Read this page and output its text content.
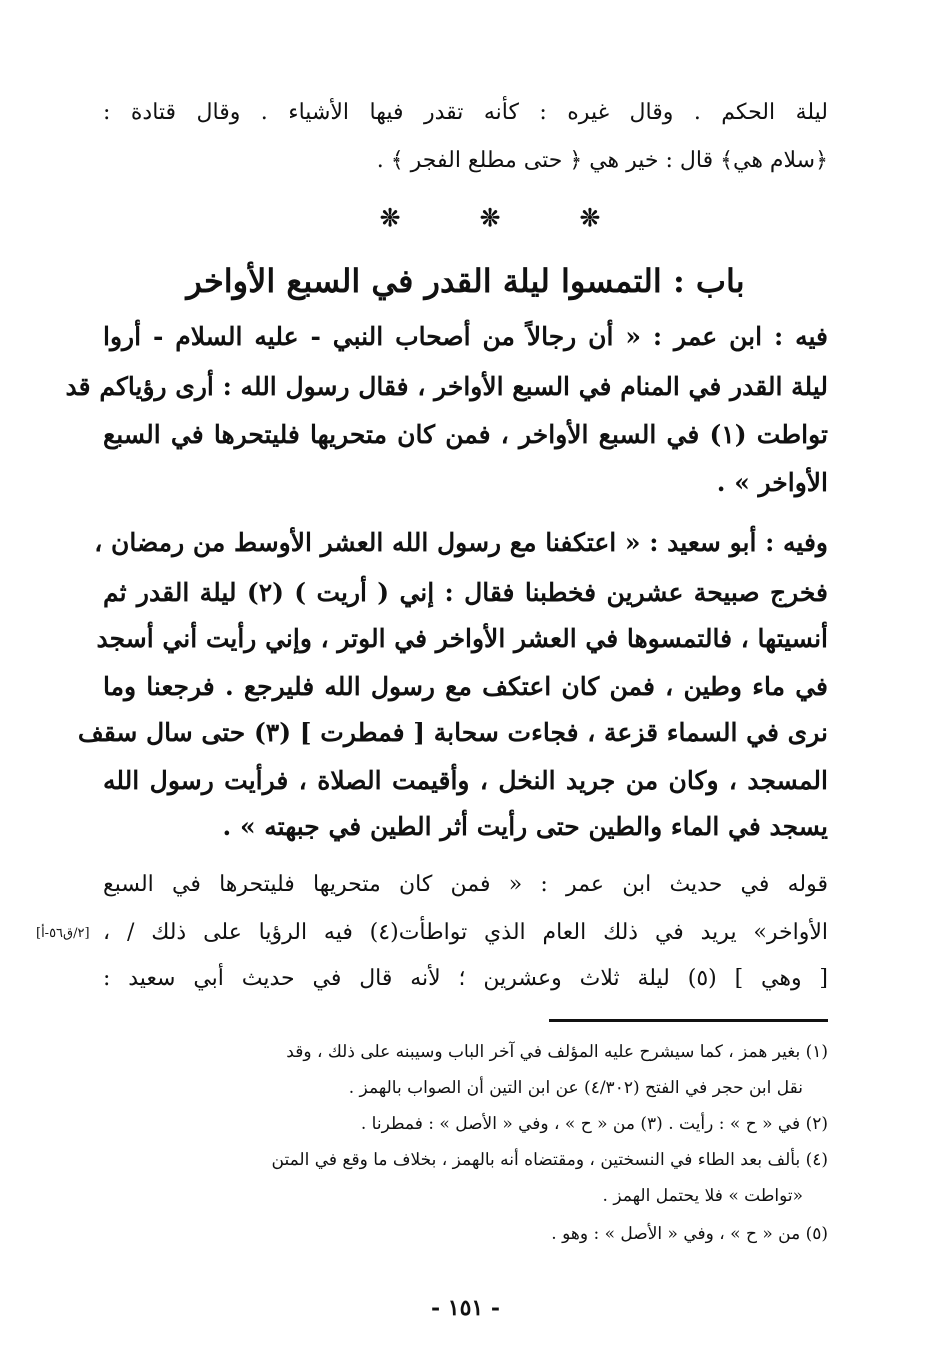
ليلة الحكم . وقال غيره : كأنه تقدر فيها الأشياء . وقال قتادة :
﴿سلام هي﴾ قال : خير هي ﴿ حتى مطلع الفجر ﴾ .
❊	❊	❊
باب : التمسوا ليلة القدر في السبع الأواخر
فيه : ابن عمر : « أن رجالاً من أصحاب النبي - عليه السلام - أروا
ليلة القدر في المنام في السبع الأواخر ، فقال رسول الله : أرى رؤياكم قد
تواطت (١) في السبع الأواخر ، فمن كان متحريها فليتحرها في السبع
الأواخر » .
وفيه : أبو سعيد : « اعتكفنا مع رسول الله العشر الأوسط من رمضان ،
فخرج صبيحة عشرين فخطبنا فقال : إني ( أريت ) (٢) ليلة القدر ثم
أنسيتها ، فالتمسوها في العشر الأواخر في الوتر ، وإني رأيت أني أسجد
في ماء وطين ، فمن كان اعتكف مع رسول الله فليرجع . فرجعنا وما
نرى في السماء قزعة ، فجاءت سحابة [ فمطرت ] (٣) حتى سال سقف
المسجد ، وكان من جريد النخل ، وأقيمت الصلاة ، فرأيت رسول الله
يسجد في الماء والطين حتى رأيت أثر الطين في جبهته » .
قوله في حديث ابن عمر : « فمن كان متحريها فليتحرها في السبع
الأواخر» يريد في ذلك العام الذي تواطأت(٤) فيه الرؤيا على ذلك / ،
[ وهي ] (٥) ليلة ثلاث وعشرين ؛ لأنه قال في حديث أبي سعيد :
[٢/ق٥٦-أ]
(١) بغير همز ، كما سيشرح عليه المؤلف في آخر الباب وسيبنه على ذلك ، وقد
نقل ابن حجر في الفتح (٤/٣٠٢) عن ابن التين أن الصواب بالهمز .
(٢) في « ح » : رأيت . (٣) من « ح » ، وفي « الأصل » : فمطرنا .
(٤) بألف بعد الطاء في النسختين ، ومقتضاه أنه بالهمز ، بخلاف ما وقع في المتن
«تواطت » فلا يحتمل الهمز .
(٥) من « ح » ، وفي « الأصل » : وهو .
- ١٥١ -
